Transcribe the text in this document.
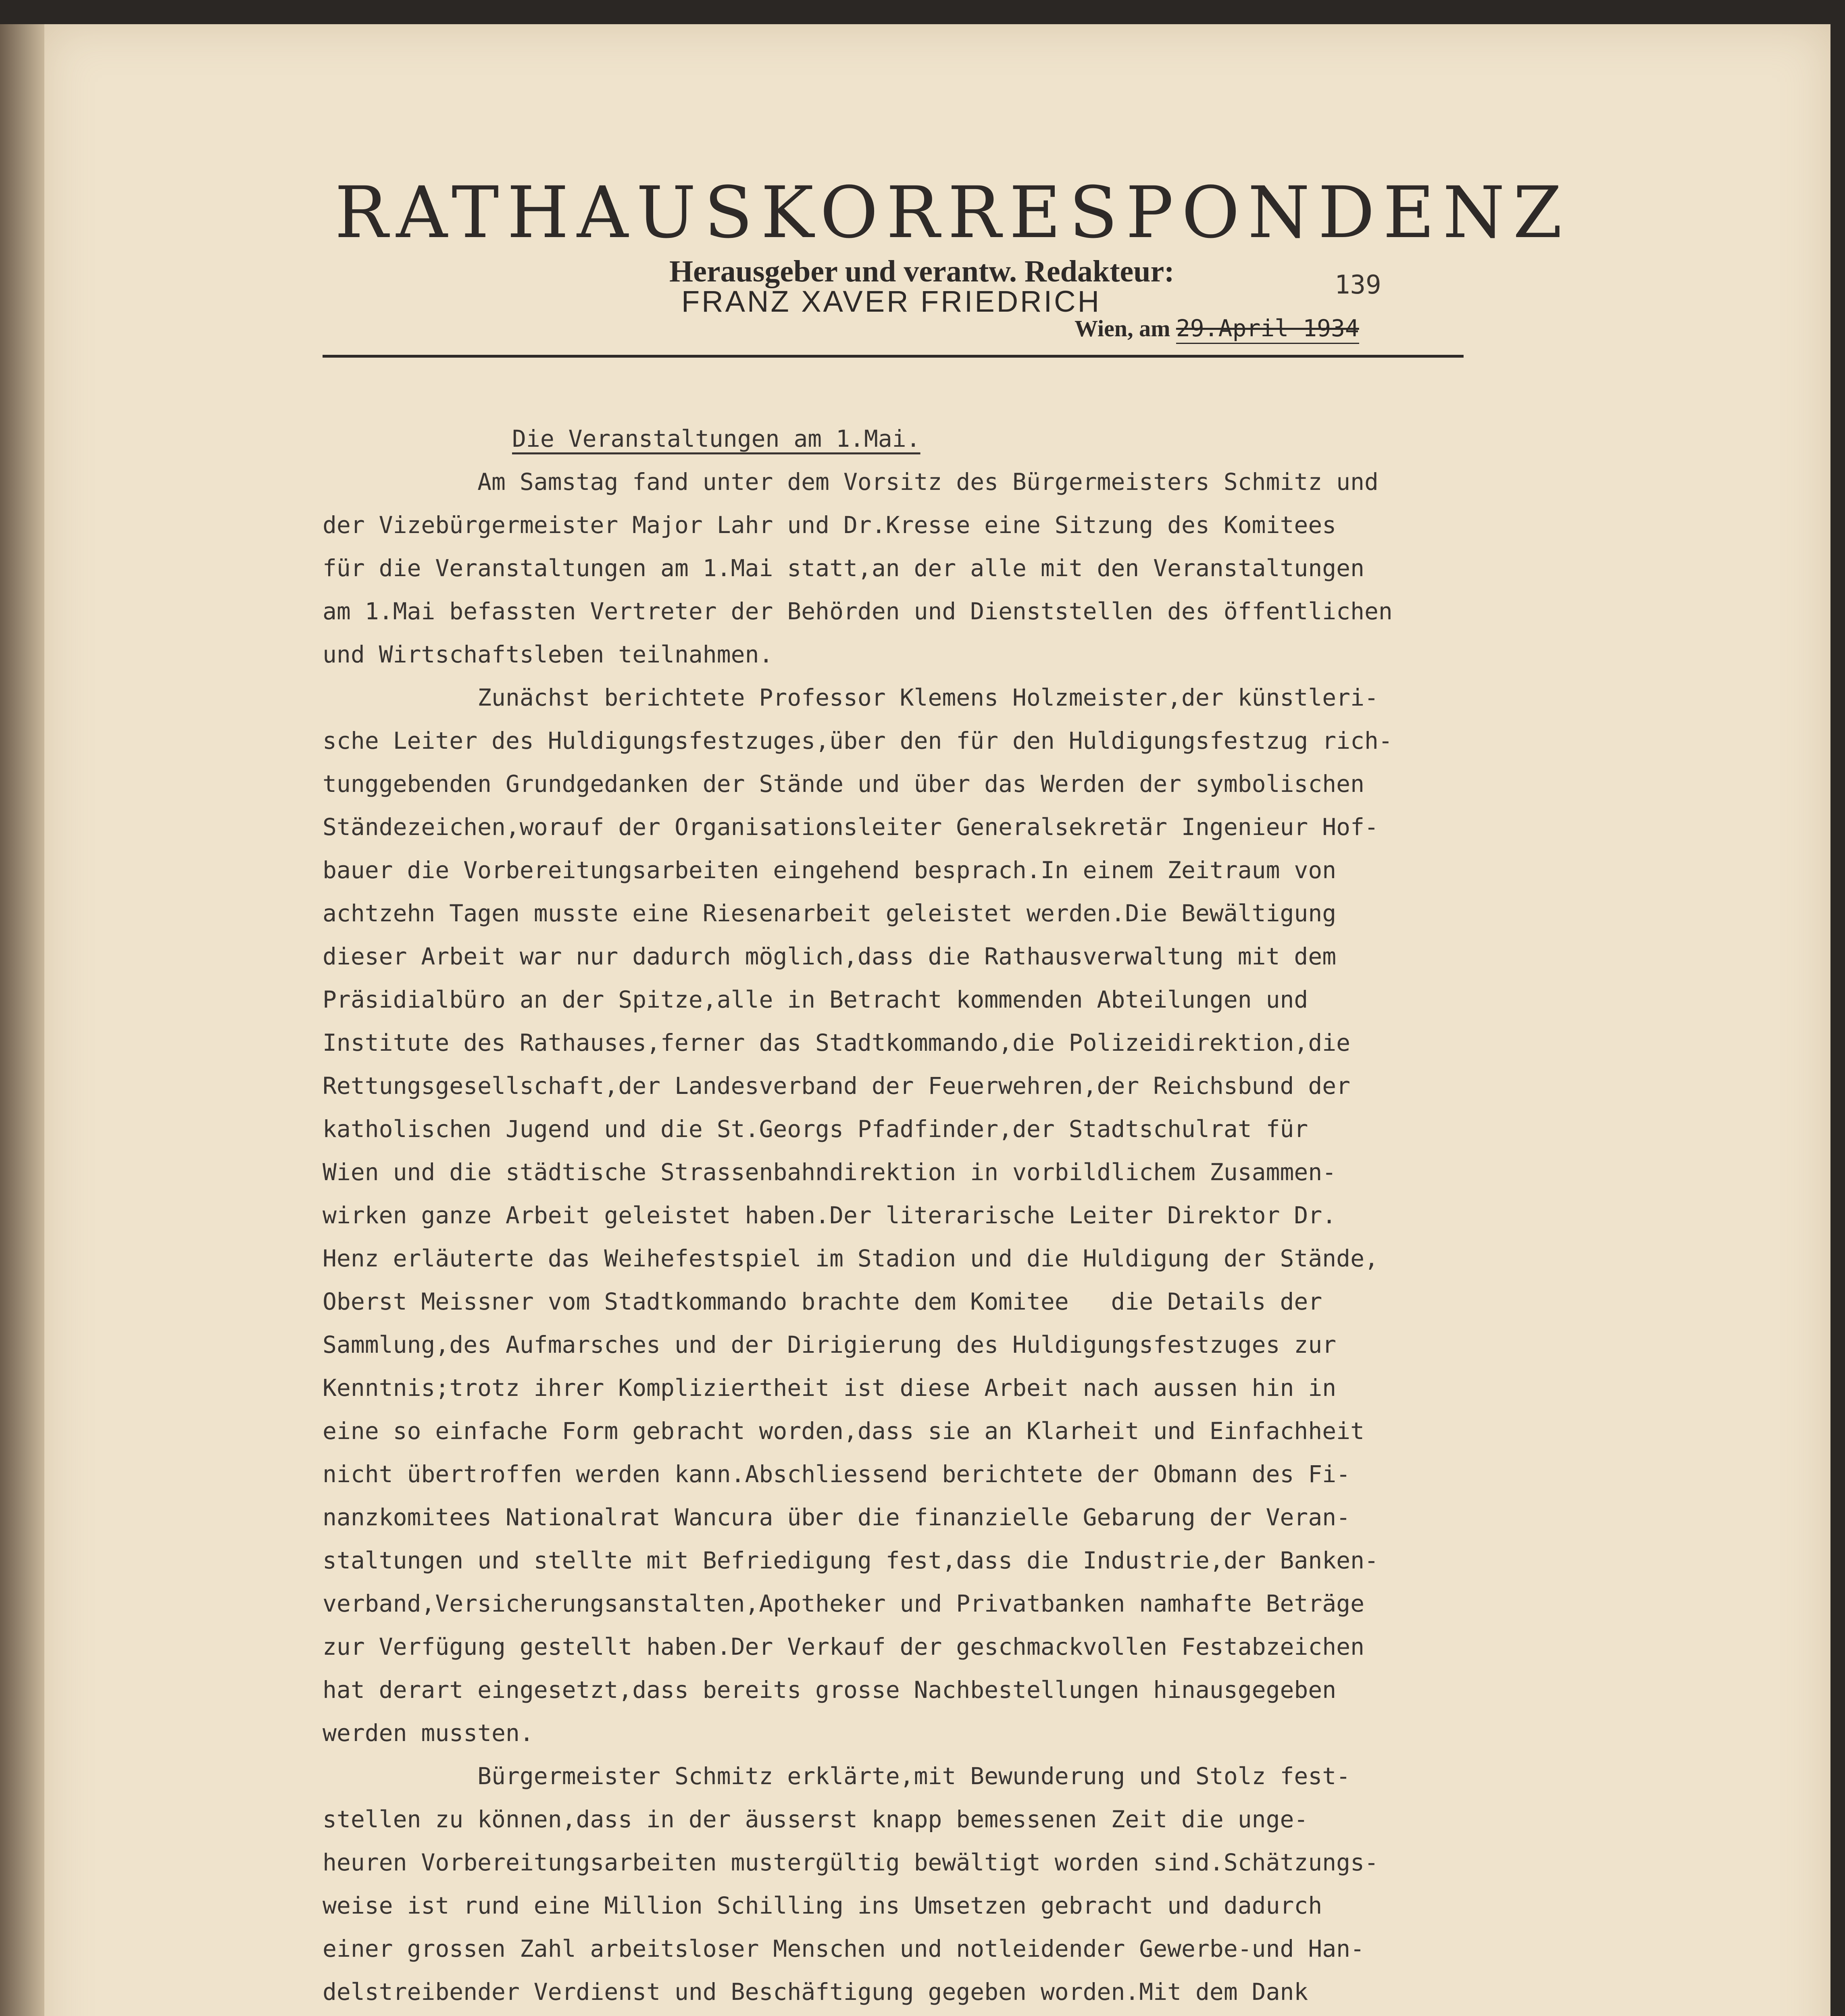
RATHAUSKORRESPONDENZ
Herausgeber und verantw. Redakteur:
FRANZ XAVER FRIEDRICH	139
Wien, am 29.April 1934
Die Veranstaltungen am 1.Mai.
Am Samstag fand unter dem Vorsitz des Bürgermeisters Schmitz und
der Vizebürgermeister Major Lahr und Dr.Kresse eine Sitzung des Komitees
für die Veranstaltungen am 1.Mai statt,an der alle mit den Veranstaltungen
am 1.Mai befassten Vertreter der Behörden und Dienststellen des öffentlichen
und Wirtschaftsleben teilnahmen.
Zunächst berichtete Professor Klemens Holzmeister,der künstleri-
sche Leiter des Huldigungsfestzuges,über den für den Huldigungsfestzug rich-
tunggebenden Grundgedanken der Stände und über das Werden der symbolischen
Ständezeichen,worauf der Organisationsleiter Generalsekretär Ingenieur Hof-
bauer die Vorbereitungsarbeiten eingehend besprach.In einem Zeitraum von
achtzehn Tagen musste eine Riesenarbeit geleistet werden.Die Bewältigung
dieser Arbeit war nur dadurch möglich,dass die Rathausverwaltung mit dem
Präsidialbüro an der Spitze,alle in Betracht kommenden Abteilungen und
Institute des Rathauses,ferner das Stadtkommando,die Polizeidirektion,die
Rettungsgesellschaft,der Landesverband der Feuerwehren,der Reichsbund der
katholischen Jugend und die St.Georgs Pfadfinder,der Stadtschulrat für
Wien und die städtische Strassenbahndirektion in vorbildlichem Zusammen-
wirken ganze Arbeit geleistet haben.Der literarische Leiter Direktor Dr.
Henz erläuterte das Weihefestspiel im Stadion und die Huldigung der Stände,
Oberst Meissner vom Stadtkommando brachte dem Komitee   die Details der
Sammlung,des Aufmarsches und der Dirigierung des Huldigungsfestzuges zur
Kenntnis;trotz ihrer Kompliziertheit ist diese Arbeit nach aussen hin in
eine so einfache Form gebracht worden,dass sie an Klarheit und Einfachheit
nicht übertroffen werden kann.Abschliessend berichtete der Obmann des Fi-
nanzkomitees Nationalrat Wancura über die finanzielle Gebarung der Veran-
staltungen und stellte mit Befriedigung fest,dass die Industrie,der Banken-
verband,Versicherungsanstalten,Apotheker und Privatbanken namhafte Beträge
zur Verfügung gestellt haben.Der Verkauf der geschmackvollen Festabzeichen
hat derart eingesetzt,dass bereits grosse Nachbestellungen hinausgegeben
werden mussten.
Bürgermeister Schmitz erklärte,mit Bewunderung und Stolz fest-
stellen zu können,dass in der äusserst knapp bemessenen Zeit die unge-
heuren Vorbereitungsarbeiten mustergültig bewältigt worden sind.Schätzungs-
weise ist rund eine Million Schilling ins Umsetzen gebracht und dadurch
einer grossen Zahl arbeitsloser Menschen und notleidender Gewerbe-und Han-
delstreibender Verdienst und Beschäftigung gegeben worden.Mit dem Dank
